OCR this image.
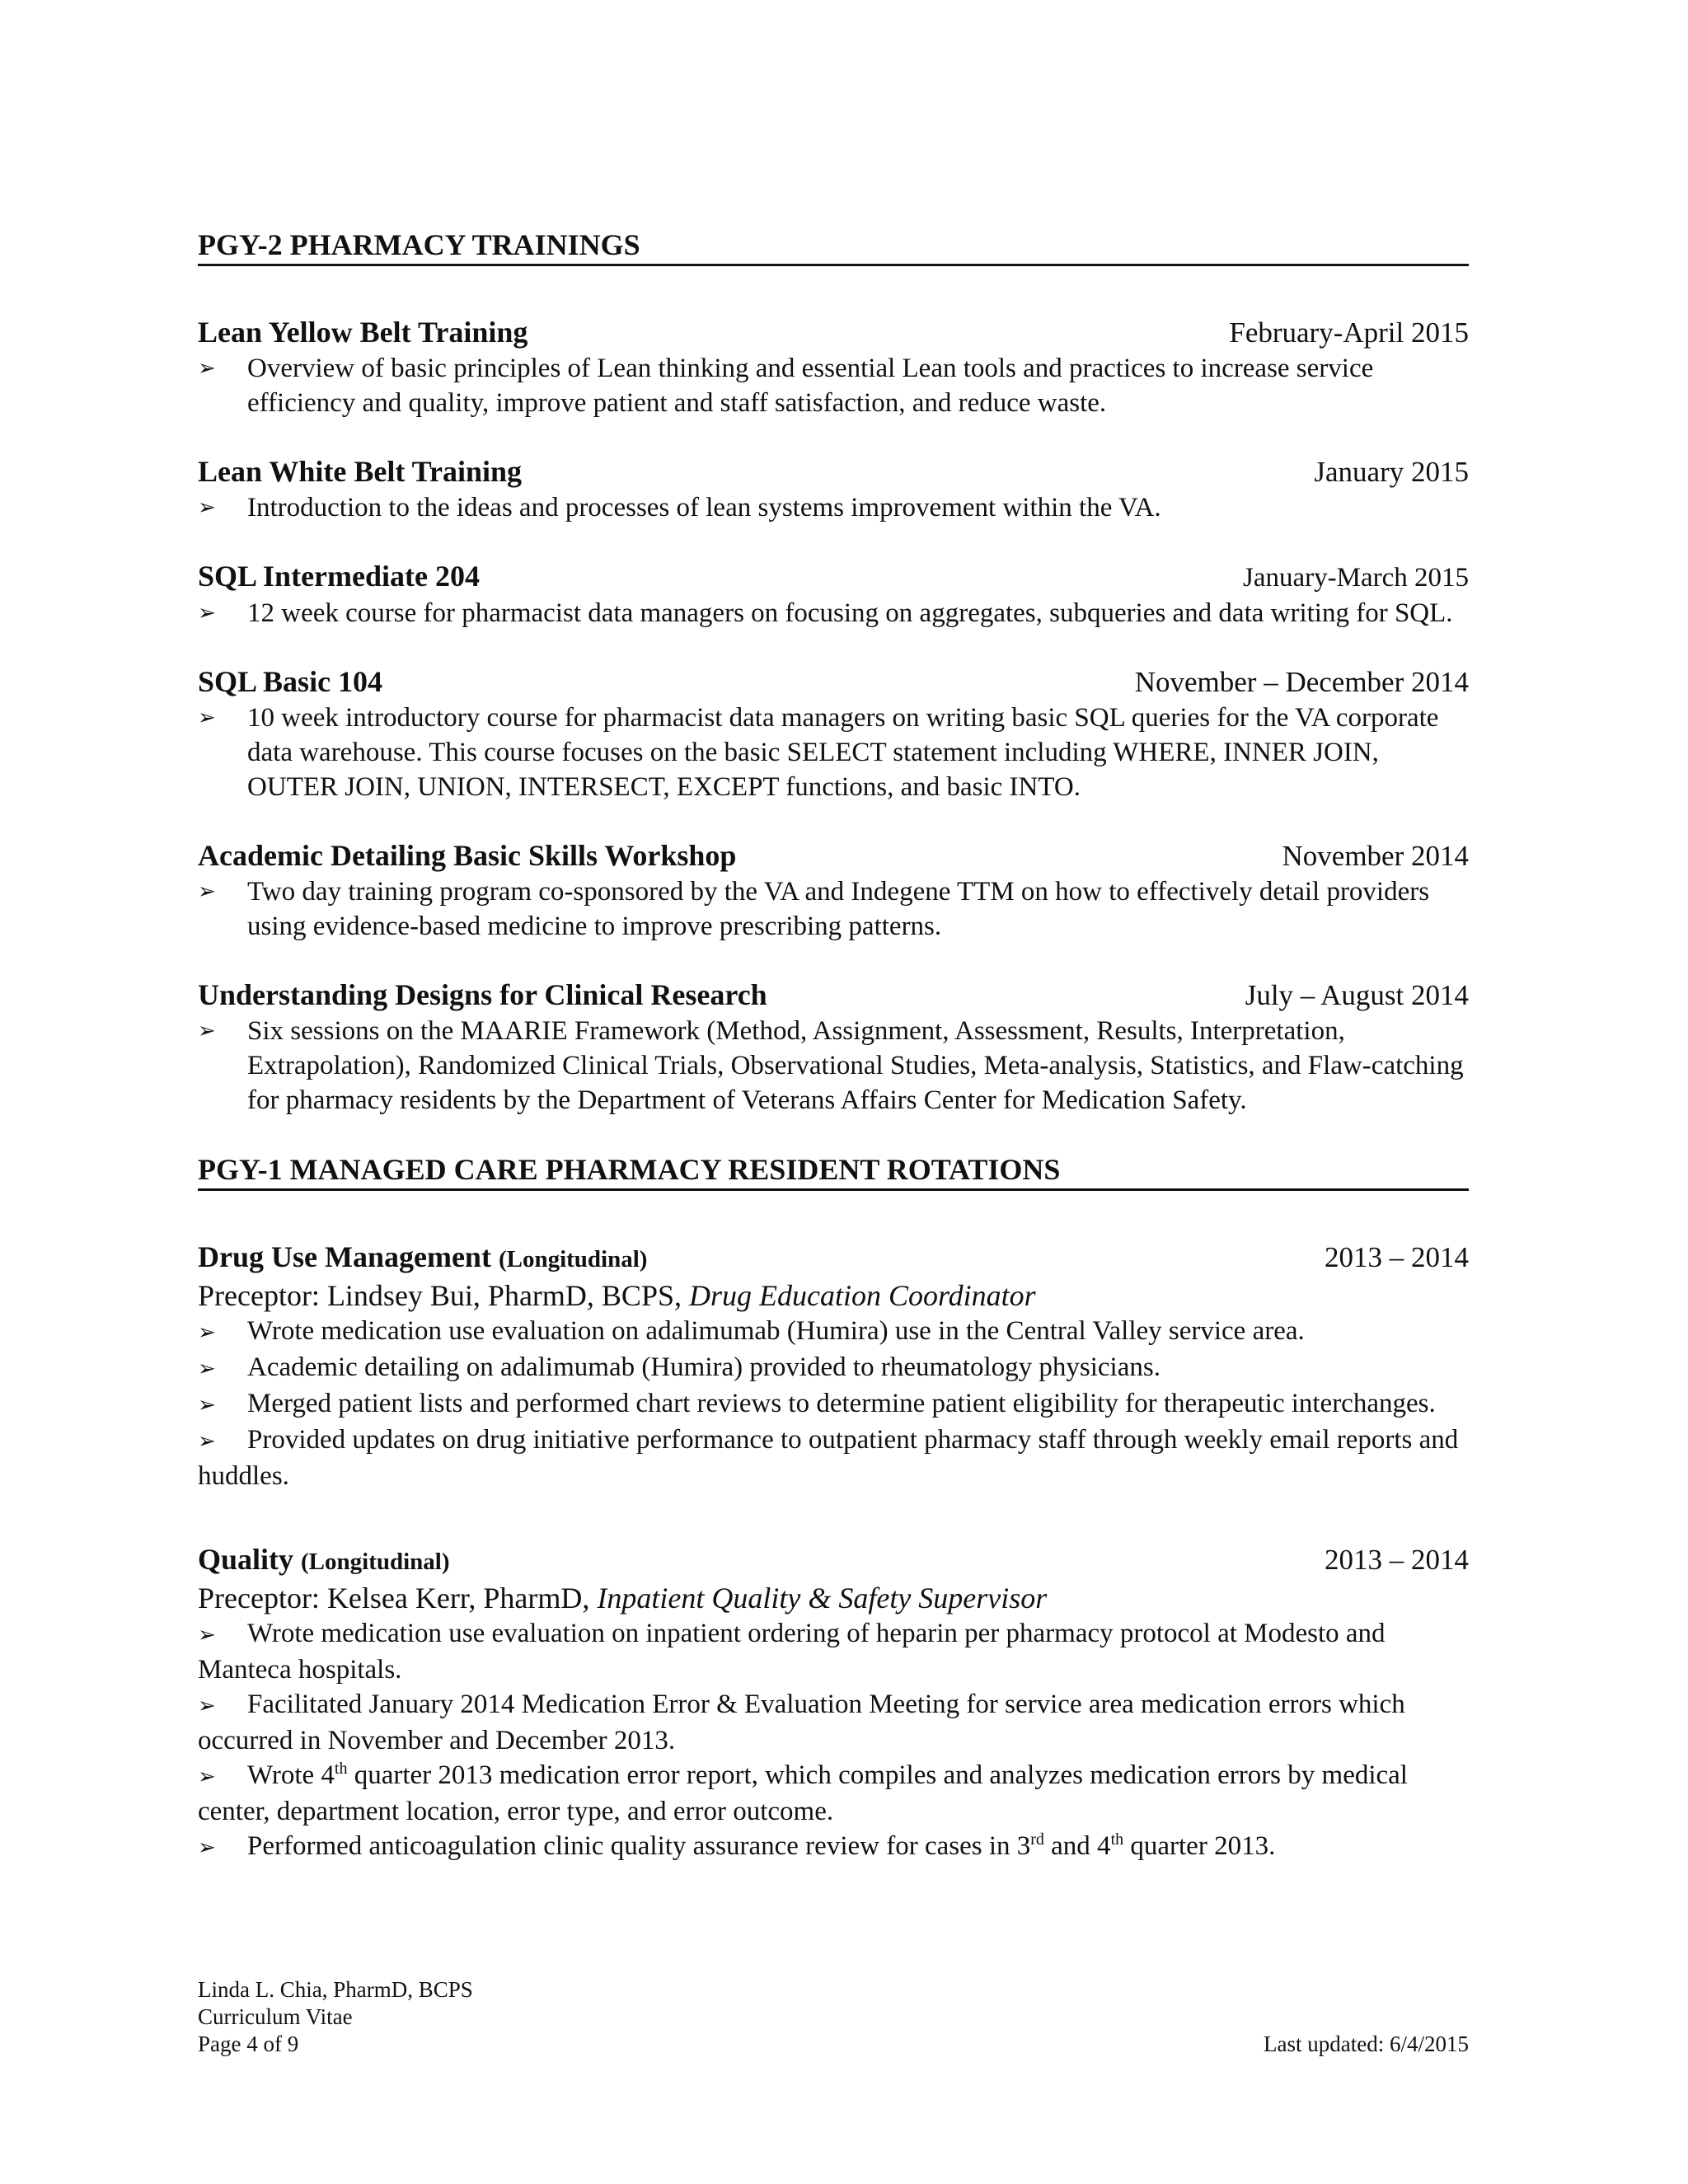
PGY-2 PHARMACY TRAININGS
Lean Yellow Belt Training	February-April 2015
➢ Overview of basic principles of Lean thinking and essential Lean tools and practices to increase service efficiency and quality, improve patient and staff satisfaction, and reduce waste.
Lean White Belt Training	January 2015
➢ Introduction to the ideas and processes of lean systems improvement within the VA.
SQL Intermediate 204	January-March 2015
➢ 12 week course for pharmacist data managers on focusing on aggregates, subqueries and data writing for SQL.
SQL Basic 104	November – December 2014
➢ 10 week introductory course for pharmacist data managers on writing basic SQL queries for the VA corporate data warehouse. This course focuses on the basic SELECT statement including WHERE, INNER JOIN, OUTER JOIN, UNION, INTERSECT, EXCEPT functions, and basic INTO.
Academic Detailing Basic Skills Workshop	November 2014
➢ Two day training program co-sponsored by the VA and Indegene TTM on how to effectively detail providers using evidence-based medicine to improve prescribing patterns.
Understanding Designs for Clinical Research	July – August 2014
➢ Six sessions on the MAARIE Framework (Method, Assignment, Assessment, Results, Interpretation, Extrapolation), Randomized Clinical Trials, Observational Studies, Meta-analysis, Statistics, and Flaw-catching for pharmacy residents by the Department of Veterans Affairs Center for Medication Safety.
PGY-1 MANAGED CARE PHARMACY RESIDENT ROTATIONS
Drug Use Management (Longitudinal)	2013 – 2014
Preceptor: Lindsey Bui, PharmD, BCPS, Drug Education Coordinator
➢ Wrote medication use evaluation on adalimumab (Humira) use in the Central Valley service area.
➢ Academic detailing on adalimumab (Humira) provided to rheumatology physicians.
➢ Merged patient lists and performed chart reviews to determine patient eligibility for therapeutic interchanges.
➢ Provided updates on drug initiative performance to outpatient pharmacy staff through weekly email reports and huddles.
Quality (Longitudinal)	2013 – 2014
Preceptor: Kelsea Kerr, PharmD, Inpatient Quality & Safety Supervisor
➢ Wrote medication use evaluation on inpatient ordering of heparin per pharmacy protocol at Modesto and Manteca hospitals.
➢ Facilitated January 2014 Medication Error & Evaluation Meeting for service area medication errors which occurred in November and December 2013.
➢ Wrote 4th quarter 2013 medication error report, which compiles and analyzes medication errors by medical center, department location, error type, and error outcome.
➢ Performed anticoagulation clinic quality assurance review for cases in 3rd and 4th quarter 2013.
Linda L. Chia, PharmD, BCPS
Curriculum Vitae
Page 4 of 9	Last updated: 6/4/2015
